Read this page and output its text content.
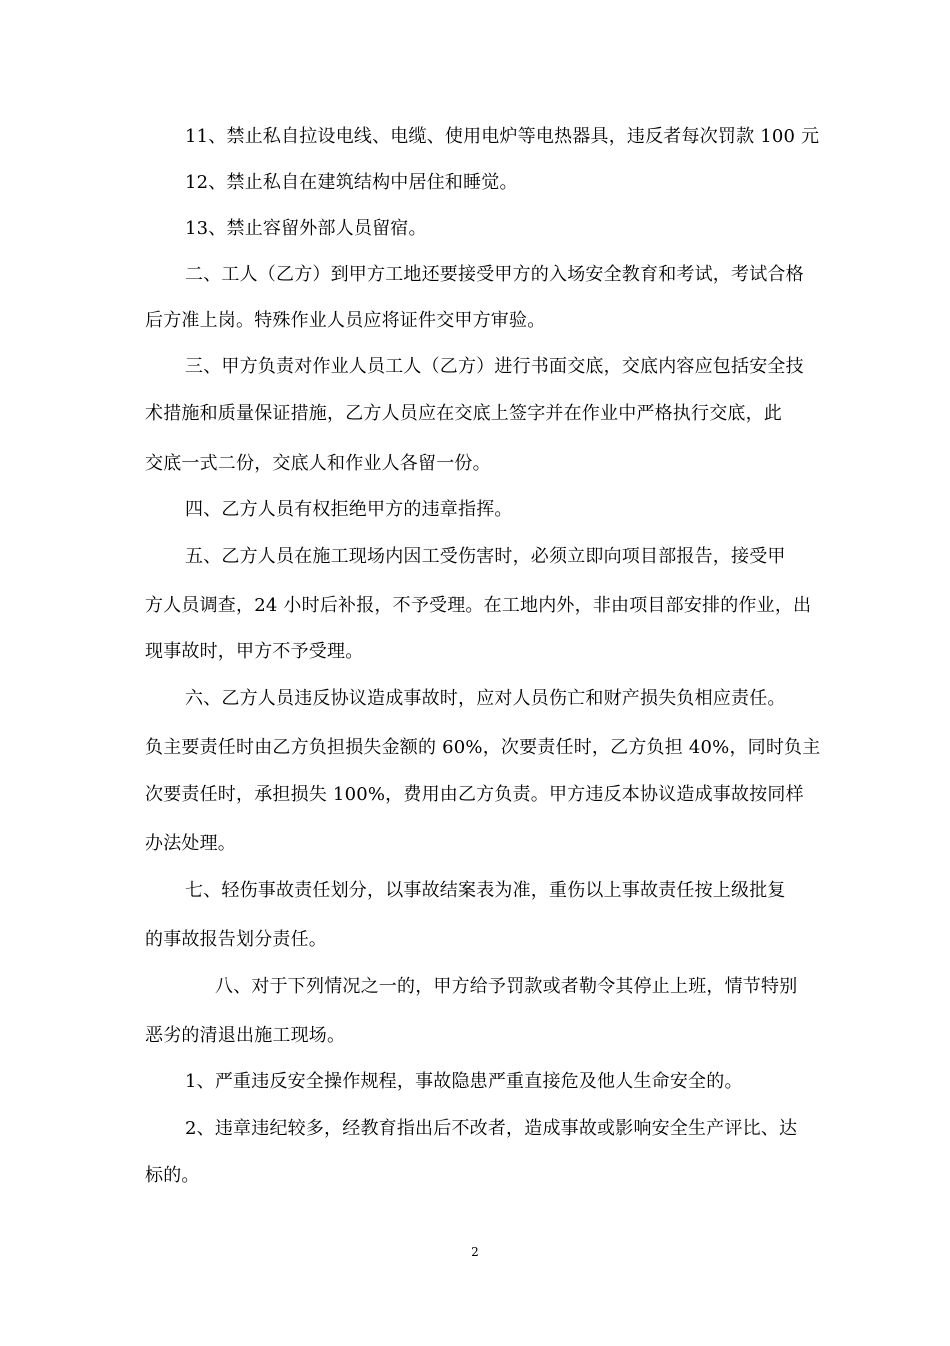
11、禁止私自拉设电线、电缆、使用电炉等电热器具，违反者每次罚款 100 元
12、禁止私自在建筑结构中居住和睡觉。
13、禁止容留外部人员留宿。
二、工人（乙方）到甲方工地还要接受甲方的入场安全教育和考试，考试合格
后方准上岗。特殊作业人员应将证件交甲方审验。
三、甲方负责对作业人员工人（乙方）进行书面交底，交底内容应包括安全技
术措施和质量保证措施，乙方人员应在交底上签字并在作业中严格执行交底，此
交底一式二份，交底人和作业人各留一份。
四、乙方人员有权拒绝甲方的违章指挥。
五、乙方人员在施工现场内因工受伤害时，必须立即向项目部报告，接受甲
方人员调查，24 小时后补报，不予受理。在工地内外，非由项目部安排的作业，出
现事故时，甲方不予受理。
六、乙方人员违反协议造成事故时，应对人员伤亡和财产损失负相应责任。
负主要责任时由乙方负担损失金额的 60%，次要责任时，乙方负担 40%，同时负主
次要责任时，承担损失 100%，费用由乙方负责。甲方违反本协议造成事故按同样
办法处理。
七、轻伤事故责任划分，以事故结案表为准，重伤以上事故责任按上级批复
的事故报告划分责任。
八、对于下列情况之一的，甲方给予罚款或者勒令其停止上班，情节特别
恶劣的清退出施工现场。
1、严重违反安全操作规程，事故隐患严重直接危及他人生命安全的。
2、违章违纪较多，经教育指出后不改者，造成事故或影响安全生产评比、达
标的。
2
